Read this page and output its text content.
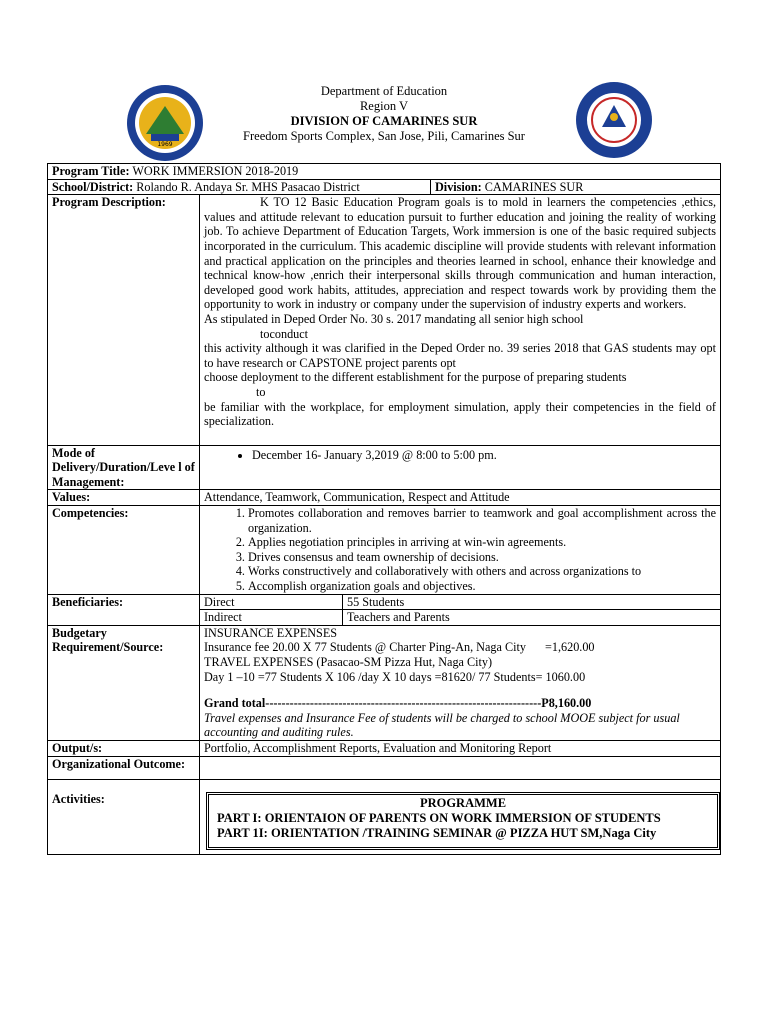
1969
Department of Education
Region V
DIVISION OF CAMARINES SUR
Freedom Sports Complex, San Jose, Pili, Camarines Sur
Program Title: WORK IMMERSION 2018-2019

School/District: Rolando R. Andaya Sr. MHS Pasacao District	Division: CAMARINES SUR

Program Description:	K TO 12 Basic Education Program goals is to mold in learners the competencies ,ethics, values and attitude relevant to education pursuit to further education and joining the reality of working job. To achieve Department of Education Targets, Work immersion is one of the basic required subjects incorporated in the curriculum. This academic discipline will provide students with relevant information and practical application on the principles and theories learned in school, enhance their knowledge and technical know-how ,enrich their interpersonal skills through communication and human interaction, developed good work habits, attitudes, appreciation and respect towards work by providing them the opportunity to work in industry or company under the supervision of industry experts and workers.
As stipulated in Deped Order No. 30 s. 2017 mandating all senior high school
toconduct
this activity although it was clarified in the Deped Order no. 39 series 2018 that GAS students may opt to have research or CAPSTONE project parents opt
choose deployment to the different establishment for the purpose of preparing students
to
be familiar with the workplace, for employment simulation, apply their competencies in the field of specialization.

Mode of Delivery/Duration/Leve l of Management:	
• December 16- January 3,2019 @ 8:00 to 5:00 pm.

Values:	Attendance, Teamwork, Communication, Respect and Attitude
Competencies:	
1.Promotes collaboration and removes barrier to teamwork and goal accomplishment across the organization.
2. Applies negotiation principles in arriving at win-win agreements.
3. Drives consensus and team ownership of decisions.
4. Works constructively and collaboratively with others and across organizations to
5. Accomplish organization goals and objectives.

Beneficiaries:		Direct	55 Students
Indirect	Teachers and Parents

Budgetary Requirement/Source:	
INSURANCE EXPENSES
Insurance fee 20.00 X 77 Students @ Charter Ping-An, Naga City =1,620.00
TRAVEL EXPENSES (Pasacao-SM Pizza Hut, Naga City)
Day 1 –10 =77 Students X 106 /day X 10 days =81620/ 77 Students= 1060.00
Grand total--------------------------------------------------------------------P8,160.00
Travel expenses and Insurance Fee of students will be charged to school MOOE subject for usual accounting and auditing rules.

Output/s:	Portfolio, Accomplishment Reports, Evaluation and Monitoring Report
Organizational Outcome:	
Activities:	PROGRAMME
PART I: ORIENTAION OF PARENTS ON WORK IMMERSION OF STUDENTS
PART 1I: ORIENTATION /TRAINING SEMINAR @ PIZZA HUT SM,Naga City
